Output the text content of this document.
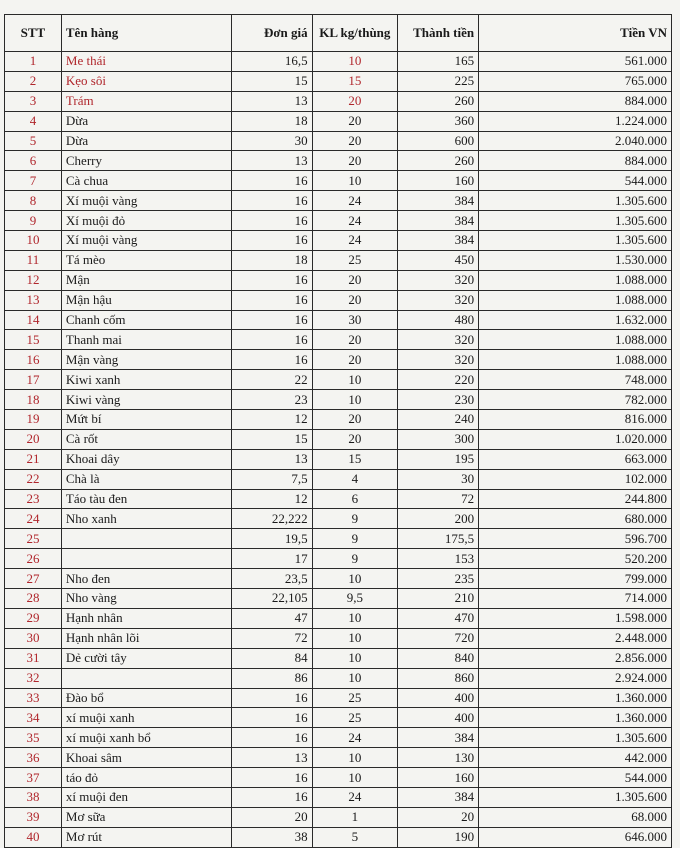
STT	Tên hàng	Đơn giá	KL kg/thùng	Thành tiền	Tiền VN
1	Me thái	16,5	10	165	561.000
2	Kẹo sôi	15	15	225	765.000
3	Trám	13	20	260	884.000
4	Dừa	18	20	360	1.224.000
5	Dừa	30	20	600	2.040.000
6	Cherry	13	20	260	884.000
7	Cà chua	16	10	160	544.000
8	Xí muội vàng	16	24	384	1.305.600
9	Xí muội đỏ	16	24	384	1.305.600
10	Xí muội vàng	16	24	384	1.305.600
11	Tá mèo	18	25	450	1.530.000
12	Mận	16	20	320	1.088.000
13	Mận hậu	16	20	320	1.088.000
14	Chanh cốm	16	30	480	1.632.000
15	Thanh mai	16	20	320	1.088.000
16	Mận vàng	16	20	320	1.088.000
17	Kiwi xanh	22	10	220	748.000
18	Kiwi vàng	23	10	230	782.000
19	Mứt bí	12	20	240	816.000
20	Cà rốt	15	20	300	1.020.000
21	Khoai dây	13	15	195	663.000
22	Chà là	7,5	4	30	102.000
23	Táo tàu đen	12	6	72	244.800
24	Nho xanh	22,222	9	200	680.000
25		19,5	9	175,5	596.700
26		17	9	153	520.200
27	Nho đen	23,5	10	235	799.000
28	Nho vàng	22,105	9,5	210	714.000
29	Hạnh nhân	47	10	470	1.598.000
30	Hạnh nhân lõi	72	10	720	2.448.000
31	Dẻ cười tây	84	10	840	2.856.000
32		86	10	860	2.924.000
33	Đào bổ	16	25	400	1.360.000
34	xí muội xanh	16	25	400	1.360.000
35	xí muội xanh bổ	16	24	384	1.305.600
36	Khoai sâm	13	10	130	442.000
37	táo đỏ	16	10	160	544.000
38	xí muội đen	16	24	384	1.305.600
39	Mơ sữa	20	1	20	68.000
40	Mơ rút	38	5	190	646.000
